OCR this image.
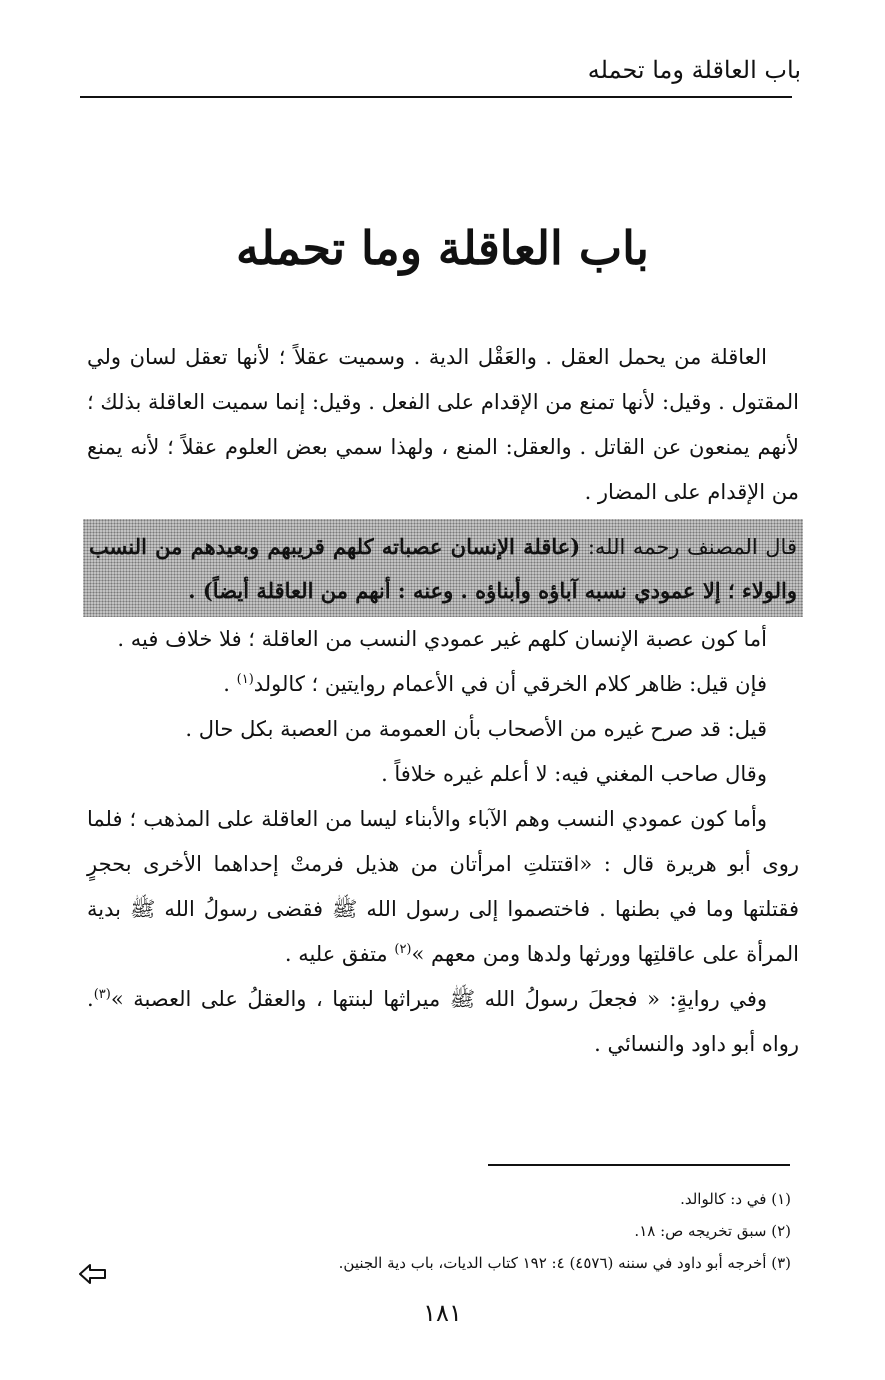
باب العاقلة وما تحمله
باب العاقلة وما تحمله

العاقلة من يحمل العقل . والعَقْل الدية . وسميت عقلاً ؛ لأنها تعقل لسان ولي المقتول . وقيل: لأنها تمنع من الإقدام على الفعل . وقيل: إنما سميت العاقلة بذلك ؛ لأنهم يمنعون عن القاتل . والعقل: المنع ، ولهذا سمي بعض العلوم عقلاً ؛ لأنه يمنع من الإقدام على المضار .

قال المصنف رحمه الله: (عاقلة الإنسان عصباته كلهم قريبهم وبعيدهم من النسب والولاء ؛ إلا عمودي نسبه آباؤه وأبناؤه . وعنه : أنهم من العاقلة أيضاً) .

أما كون عصبة الإنسان كلهم غير عمودي النسب من العاقلة ؛ فلا خلاف فيه .

فإن قيل: ظاهر كلام الخرقي أن في الأعمام روايتين ؛ كالولد$^{(١)}$ .

قيل: قد صرح غيره من الأصحاب بأن العمومة من العصبة بكل حال .

وقال صاحب المغني فيه: لا أعلم غيره خلافاً .

وأما كون عمودي النسب وهم الآباء والأبناء ليسا من العاقلة على المذهب ؛ فلما روى أبو هريرة قال : «اقتتلتِ امرأتان من هذيل فرمتْ إحداهما الأخرى بحجرٍ فقتلتها وما في بطنها . فاختصموا إلى رسول الله ﷺ فقضى رسولُ الله ﷺ بدية المرأة على عاقلتِها وورثها ولدها ومن معهم »$^{(٢)}$ متفق عليه .

وفي روايةٍ: « فجعلَ رسولُ الله ﷺ ميراثها لبنتها ، والعقلُ على العصبة »$^{(٣)}$. رواه أبو داود والنسائي .

(١) في د: كالوالد.
(٢) سبق تخريجه ص: ١٨.
(٣) أخرجه أبو داود في سننه (٤٥٧٦) ٤: ١٩٢ كتاب الديات، باب دية الجنين.
١٨١
